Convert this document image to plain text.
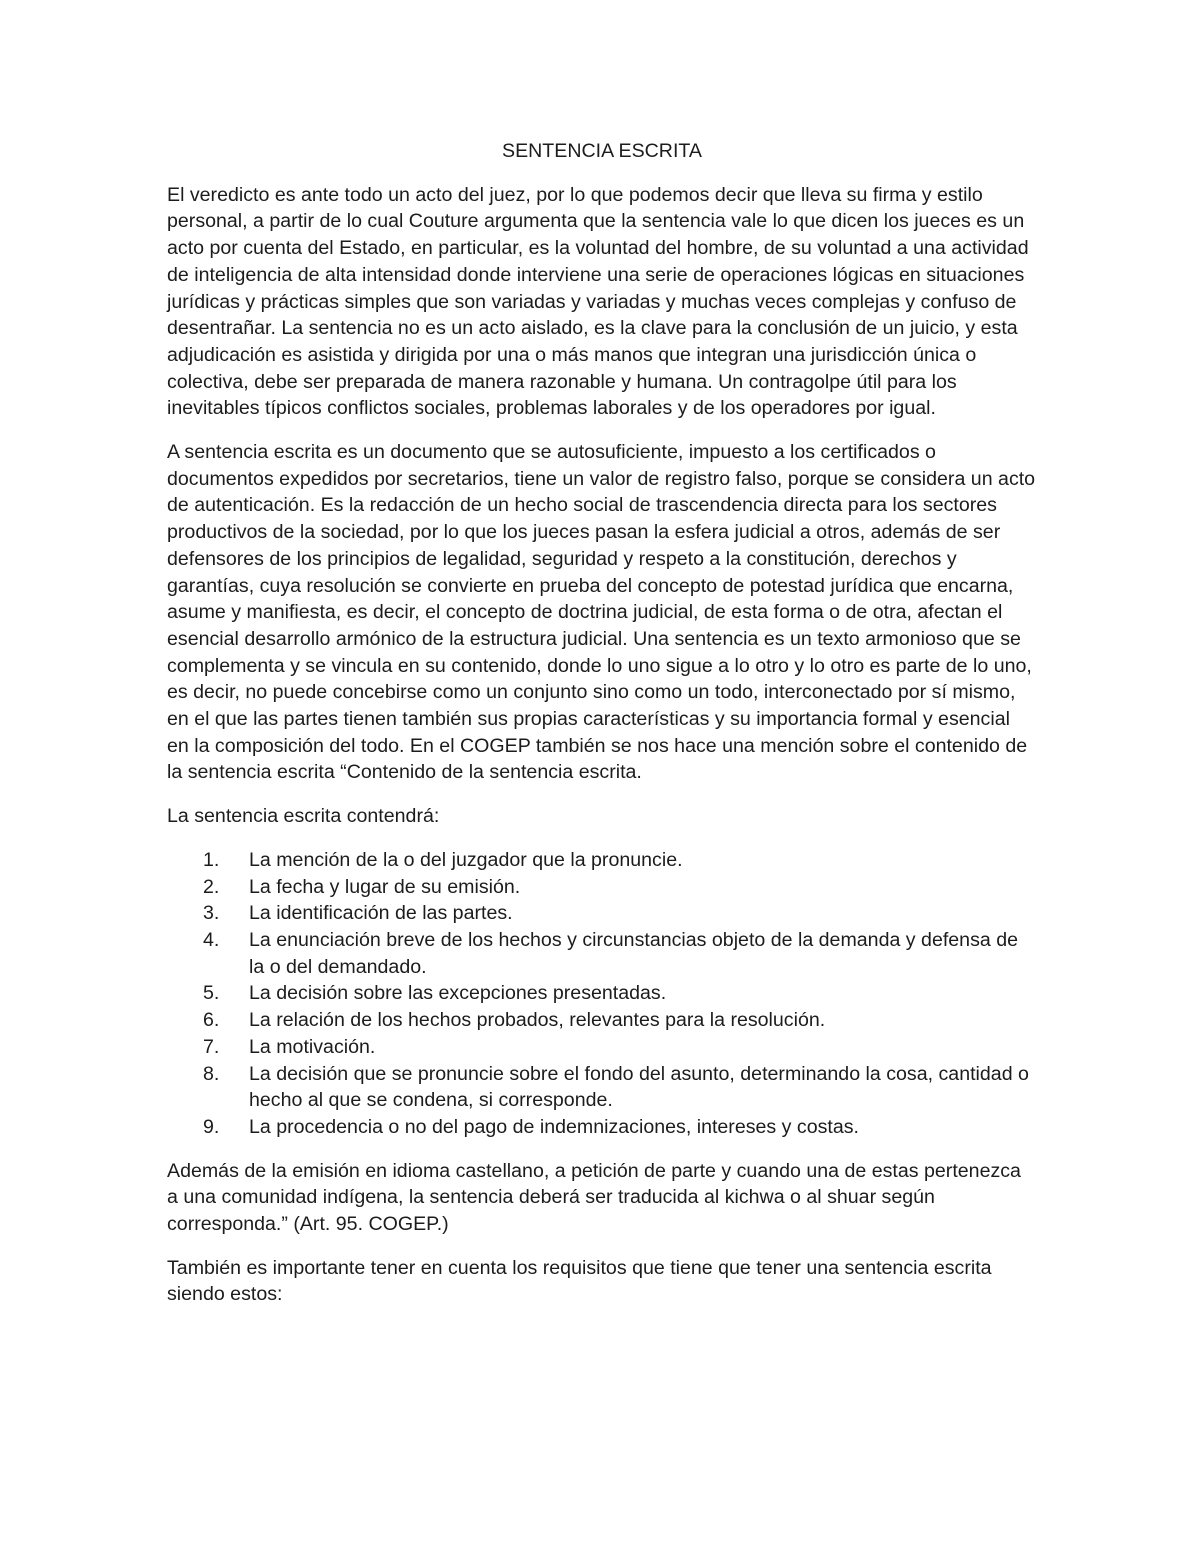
SENTENCIA ESCRITA

El veredicto es ante todo un acto del juez, por lo que podemos decir que lleva su firma y estilo personal, a partir de lo cual Couture argumenta que la sentencia vale lo que dicen los jueces es un acto por cuenta del Estado, en particular, es la voluntad del hombre, de su voluntad a una actividad de inteligencia de alta intensidad donde interviene una serie de operaciones lógicas en situaciones jurídicas y prácticas simples que son variadas y variadas y muchas veces complejas y confuso de desentrañar. La sentencia no es un acto aislado, es la clave para la conclusión de un juicio, y esta adjudicación es asistida y dirigida por una o más manos que integran una jurisdicción única o colectiva, debe ser preparada de manera razonable y humana. Un contragolpe útil para los inevitables típicos conflictos sociales, problemas laborales y de los operadores por igual.

A sentencia escrita es un documento que se autosuficiente, impuesto a los certificados o documentos expedidos por secretarios, tiene un valor de registro falso, porque se considera un acto de autenticación. Es la redacción de un hecho social de trascendencia directa para los sectores productivos de la sociedad, por lo que los jueces pasan la esfera judicial a otros, además de ser defensores de los principios de legalidad, seguridad y respeto a la constitución, derechos y garantías, cuya resolución se convierte en prueba del concepto de potestad jurídica que encarna, asume y manifiesta, es decir, el concepto de doctrina judicial, de esta forma o de otra, afectan el esencial desarrollo armónico de la estructura judicial. Una sentencia es un texto armonioso que se complementa y se vincula en su contenido, donde lo uno sigue a lo otro y lo otro es parte de lo uno, es decir, no puede concebirse como un conjunto sino como un todo, interconectado por sí mismo, en el que las partes tienen también sus propias características y su importancia formal y esencial en la composición del todo. En el COGEP también se nos hace una mención sobre el contenido de la sentencia escrita “Contenido de la sentencia escrita.

La sentencia escrita contendrá:

1.	La mención de la o del juzgador que la pronuncie.
2.	La fecha y lugar de su emisión.
3.	La identificación de las partes.
4.	La enunciación breve de los hechos y circunstancias objeto de la demanda y defensa de la o del demandado.
5.	La decisión sobre las excepciones presentadas.
6.	La relación de los hechos probados, relevantes para la resolución.
7.	La motivación.
8.	La decisión que se pronuncie sobre el fondo del asunto, determinando la cosa, cantidad o hecho al que se condena, si corresponde.
9.	La procedencia o no del pago de indemnizaciones, intereses y costas.

Además de la emisión en idioma castellano, a petición de parte y cuando una de estas pertenezca a una comunidad indígena, la sentencia deberá ser traducida al kichwa o al shuar según corresponda.” (Art. 95. COGEP.)

También es importante tener en cuenta los requisitos que tiene que tener una sentencia escrita siendo estos:
